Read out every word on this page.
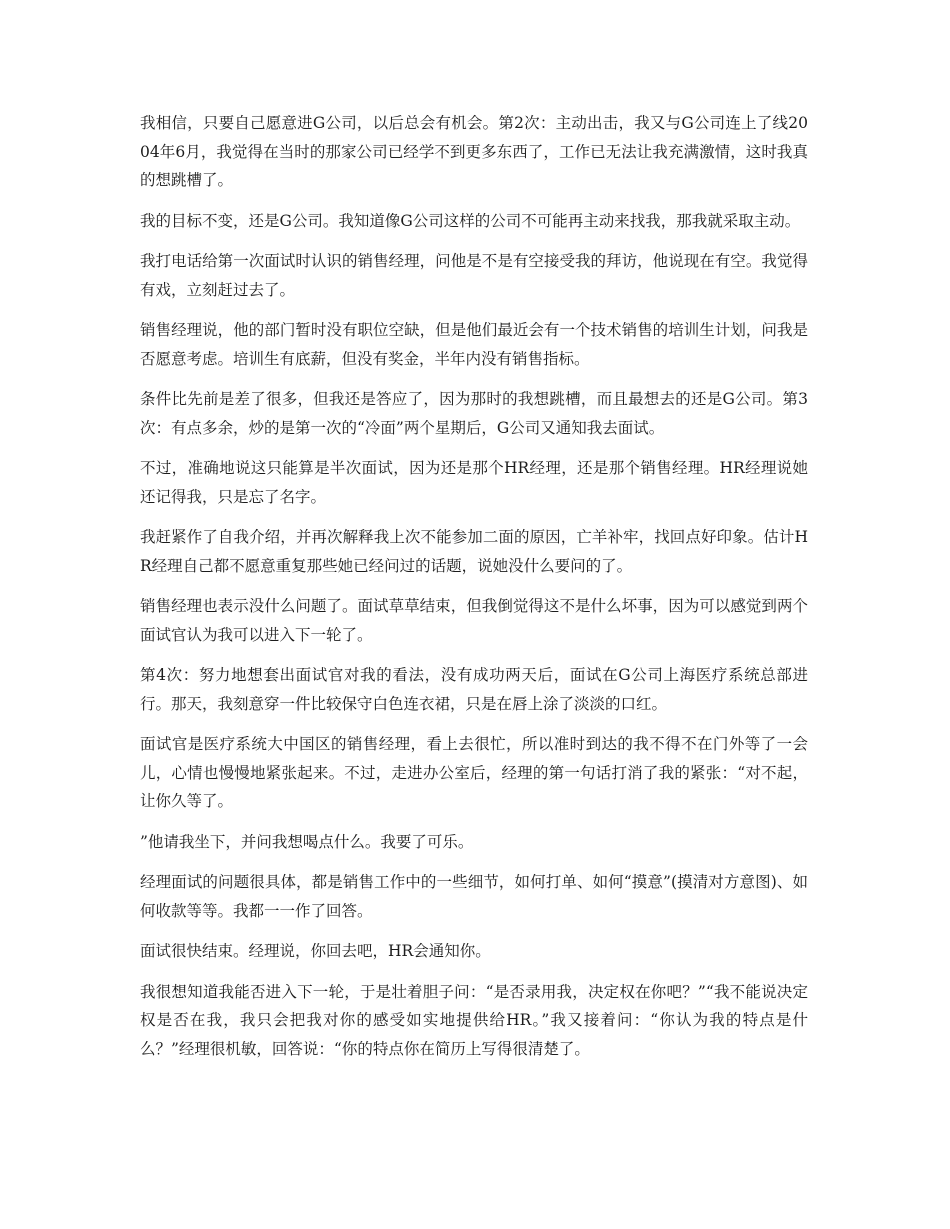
我相信，只要自己愿意进G公司，以后总会有机会。第2次：主动出击，我又与G公司连上了线2004年6月，我觉得在当时的那家公司已经学不到更多东西了，工作已无法让我充满激情，这时我真的想跳槽了。

我的目标不变，还是G公司。我知道像G公司这样的公司不可能再主动来找我，那我就采取主动。

我打电话给第一次面试时认识的销售经理，问他是不是有空接受我的拜访，他说现在有空。我觉得有戏，立刻赶过去了。

销售经理说，他的部门暂时没有职位空缺，但是他们最近会有一个技术销售的培训生计划，问我是否愿意考虑。培训生有底薪，但没有奖金，半年内没有销售指标。

条件比先前是差了很多，但我还是答应了，因为那时的我想跳槽，而且最想去的还是G公司。第3次：有点多余，炒的是第一次的“冷面”两个星期后，G公司又通知我去面试。

不过，准确地说这只能算是半次面试，因为还是那个HR经理，还是那个销售经理。HR经理说她还记得我，只是忘了名字。

我赶紧作了自我介绍，并再次解释我上次不能参加二面的原因，亡羊补牢，找回点好印象。估计HR经理自己都不愿意重复那些她已经问过的话题，说她没什么要问的了。

销售经理也表示没什么问题了。面试草草结束，但我倒觉得这不是什么坏事，因为可以感觉到两个面试官认为我可以进入下一轮了。

第4次：努力地想套出面试官对我的看法，没有成功两天后，面试在G公司上海医疗系统总部进行。那天，我刻意穿一件比较保守白色连衣裙，只是在唇上涂了淡淡的口红。

面试官是医疗系统大中国区的销售经理，看上去很忙，所以准时到达的我不得不在门外等了一会儿，心情也慢慢地紧张起来。不过，走进办公室后，经理的第一句话打消了我的紧张：“对不起，让你久等了。

”他请我坐下，并问我想喝点什么。我要了可乐。

经理面试的问题很具体，都是销售工作中的一些细节，如何打单、如何“摸意”(摸清对方意图)、如何收款等等。我都一一作了回答。

面试很快结束。经理说，你回去吧，HR会通知你。

我很想知道我能否进入下一轮，于是壮着胆子问：“是否录用我，决定权在你吧？”“我不能说决定权是否在我，我只会把我对你的感受如实地提供给HR。”我又接着问：“你认为我的特点是什么？”经理很机敏，回答说：“你的特点你在简历上写得很清楚了。
